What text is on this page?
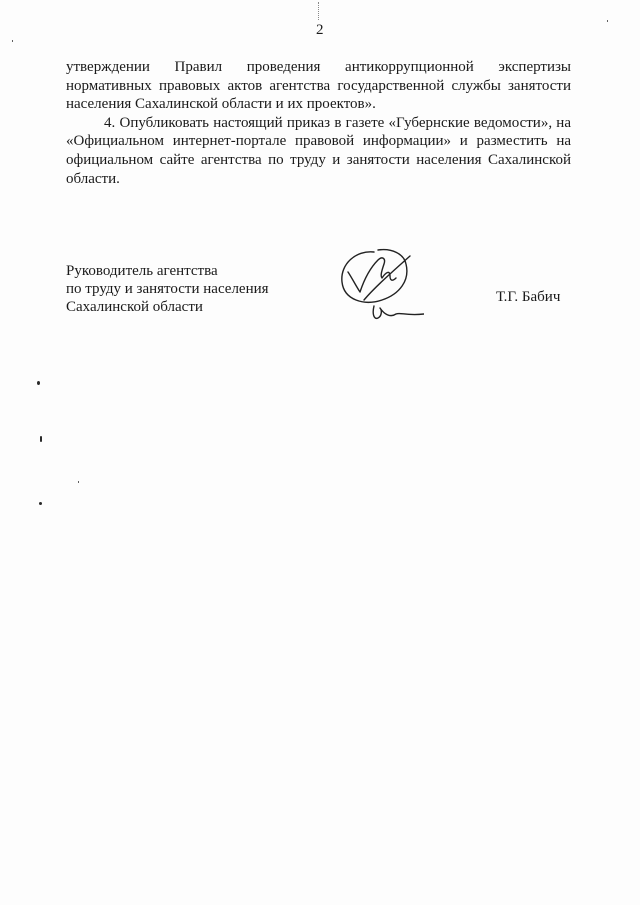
2

утверждении Правил проведения антикоррупционной экспертизы
нормативных правовых актов агентства государственной службы занятости населения Сахалинской области и их проектов».

4. Опубликовать настоящий приказ в газете «Губернские ведомости», на «Официальном интернет-портале правовой информации» и разместить на официальном сайте агентства по труду и занятости населения Сахалинской области.

Руководитель агентства
по труду и занятости населения
Сахалинской области
Т.Г. Бабич
